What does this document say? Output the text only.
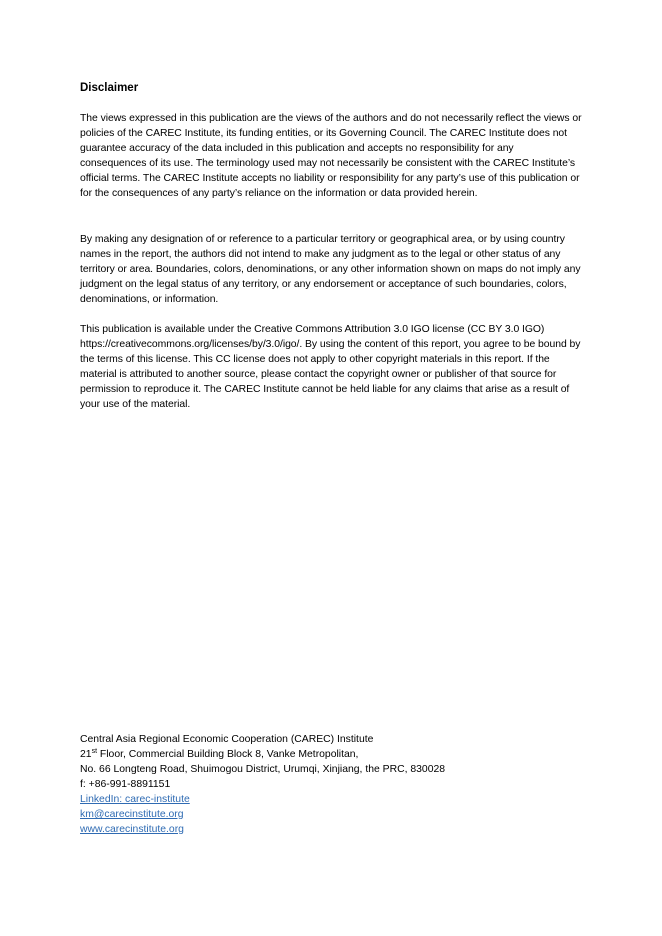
Disclaimer
The views expressed in this publication are the views of the authors and do not necessarily reflect the views or policies of the CAREC Institute, its funding entities, or its Governing Council. The CAREC Institute does not guarantee accuracy of the data included in this publication and accepts no responsibility for any consequences of its use. The terminology used may not necessarily be consistent with the CAREC Institute’s official terms. The CAREC Institute accepts no liability or responsibility for any party’s use of this publication or for the consequences of any party’s reliance on the information or data provided herein.
By making any designation of or reference to a particular territory or geographical area, or by using country names in the report, the authors did not intend to make any judgment as to the legal or other status of any territory or area. Boundaries, colors, denominations, or any other information shown on maps do not imply any judgment on the legal status of any territory, or any endorsement or acceptance of such boundaries, colors, denominations, or information.
This publication is available under the Creative Commons Attribution 3.0 IGO license (CC BY 3.0 IGO) https://creativecommons.org/licenses/by/3.0/igo/. By using the content of this report, you agree to be bound by the terms of this license. This CC license does not apply to other copyright materials in this report. If the material is attributed to another source, please contact the copyright owner or publisher of that source for permission to reproduce it. The CAREC Institute cannot be held liable for any claims that arise as a result of your use of the material.
Central Asia Regional Economic Cooperation (CAREC) Institute
21st Floor, Commercial Building Block 8, Vanke Metropolitan,
No. 66 Longteng Road, Shuimogou District, Urumqi, Xinjiang, the PRC, 830028
f: +86-991-8891151
LinkedIn: carec-institute
km@carecinstitute.org
www.carecinstitute.org
